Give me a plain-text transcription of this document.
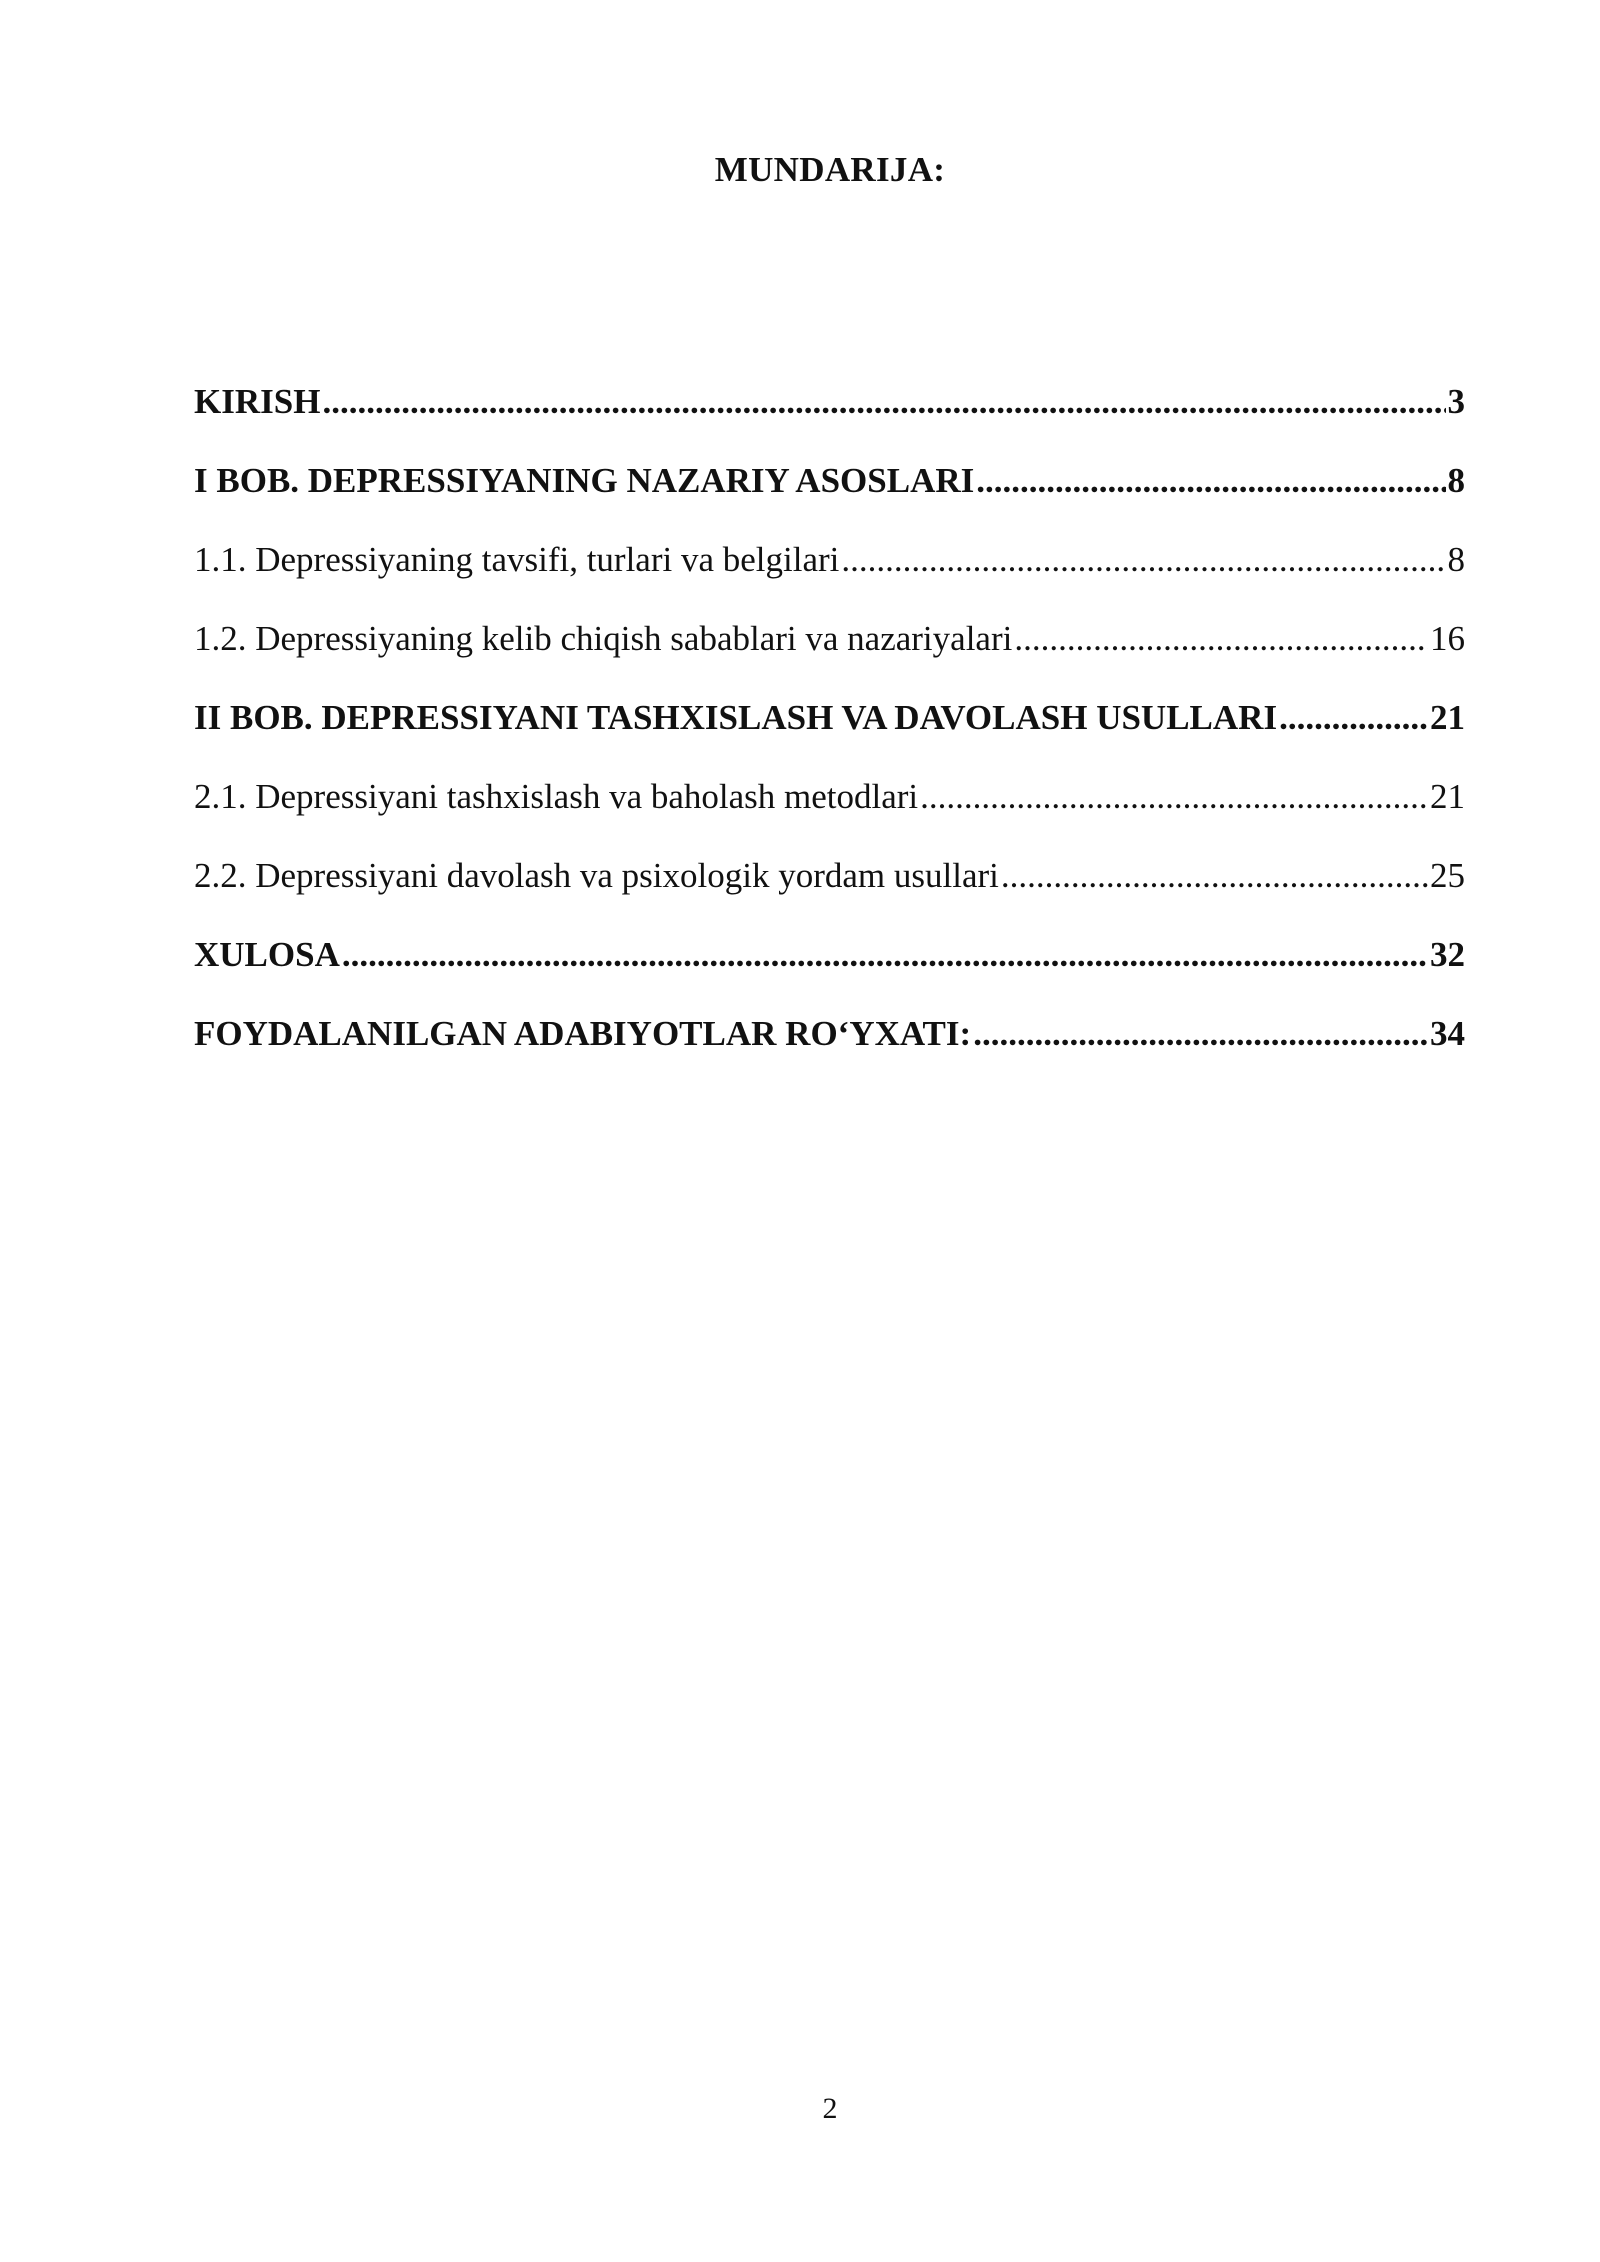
MUNDARIJA:
KIRISH .....	3
I BOB. DEPRESSIYANING NAZARIY ASOSLARI .....	8
1.1. Depressiyaning tavsifi, turlari va belgilari .....	8
1.2. Depressiyaning kelib chiqish sabablari va nazariyalari .....	16
II BOB. DEPRESSIYANI TASHXISLASH VA DAVOLASH USULLARI .....	21
2.1. Depressiyani tashxislash va baholash metodlari .....	21
2.2. Depressiyani davolash va psixologik yordam usullari .....	25
XULOSA .....	32
FOYDALANILGAN ADABIYOTLAR RO‘YXATI: .....	34
2
